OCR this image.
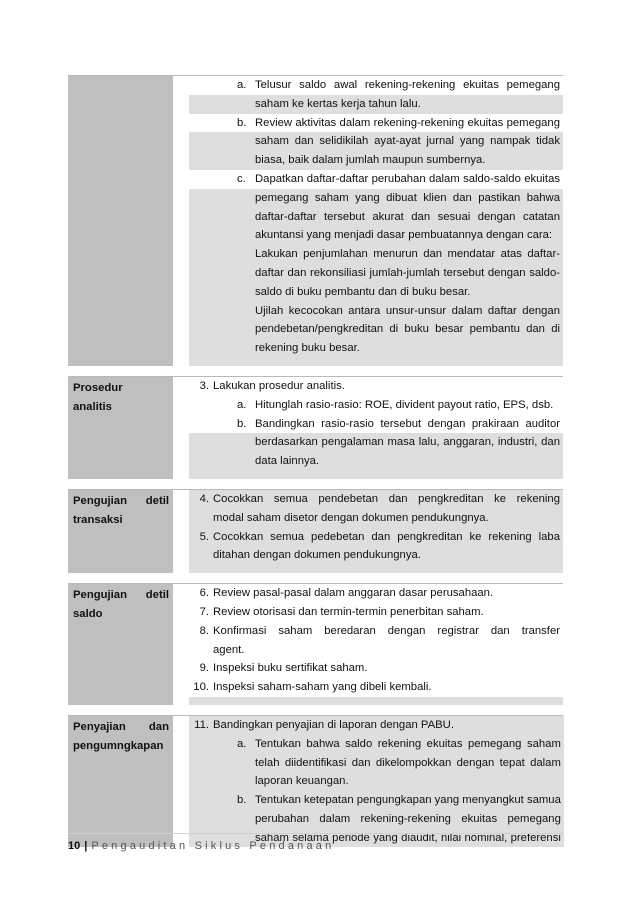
a. Telusur saldo awal rekening-rekening ekuitas pemegang
saham ke kertas kerja tahun lalu.
b. Review aktivitas dalam rekening-rekening ekuitas pemegang
saham dan selidikilah ayat-ayat jurnal yang nampak tidak
biasa, baik dalam jumlah maupun sumbernya.
c. Dapatkan daftar-daftar perubahan dalam saldo-saldo ekuitas
pemegang saham yang dibuat klien dan pastikan bahwa
daftar-daftar tersebut akurat dan sesuai dengan catatan
akuntansi yang menjadi dasar pembuatannya dengan cara:
Lakukan penjumlahan menurun dan mendatar atas daftar-
daftar dan rekonsiliasi jumlah-jumlah tersebut dengan saldo-
saldo di buku pembantu dan di buku besar.
Ujilah kecocokan antara unsur-unsur dalam daftar dengan
pendebetan/pengkreditan di buku besar pembantu dan di
rekening buku besar.
Prosedur
analitis
3. Lakukan prosedur analitis.
a. Hitunglah rasio-rasio: ROE, divident payout ratio, EPS, dsb.
b. Bandingkan rasio-rasio tersebut dengan prakiraan auditor
berdasarkan pengalaman masa lalu, anggaran, industri, dan
data lainnya.
Pengujian detil
transaksi
4. Cocokkan semua pendebetan dan pengkreditan ke rekening
modal saham disetor dengan dokumen pendukungnya.
5. Cocokkan semua pedebetan dan pengkreditan ke rekening laba
ditahan dengan dokumen pendukungnya.
Pengujian detil
saldo
6. Review pasal-pasal dalam anggaran dasar perusahaan.
7. Review otorisasi dan termin-termin penerbitan saham.
8. Konfirmasi saham beredaran dengan registrar dan transfer
agent.
9. Inspeksi buku sertifikat saham.
10. Inspeksi saham-saham yang dibeli kembali.
Penyajian dan
pengumngkapan
11. Bandingkan penyajian di laporan dengan PABU.
a. Tentukan bahwa saldo rekening ekuitas pemegang saham
telah diidentifikasi dan dikelompokkan dengan tepat dalam
laporan keuangan.
b. Tentukan ketepatan pengungkapan yang menyangkut samua
perubahan dalam rekening-rekening ekuitas pemegang
saham selama periode yang diaudit, nilai nominal, preferensi
10 | Pengauditan Siklus Pendanaan
